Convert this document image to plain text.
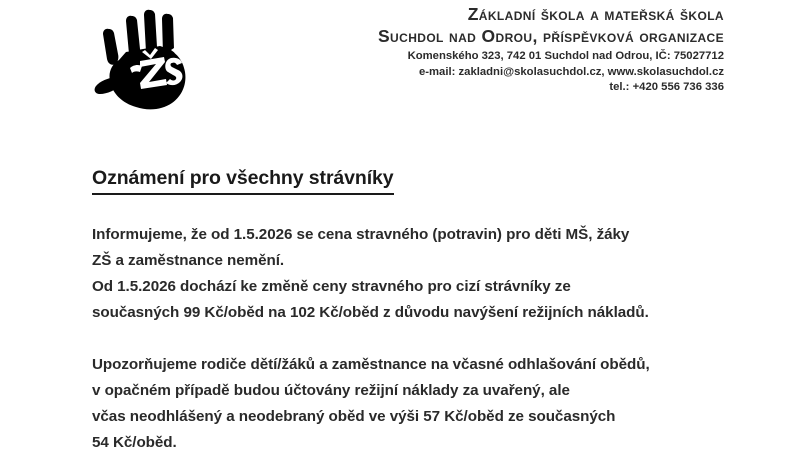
Základní škola a mateřská škola
Suchdol nad Odrou, příspěvková organizace
Komenského 323, 742 01 Suchdol nad Odrou, IČ: 75027712
e-mail: zakladni@skolasuchdol.cz, www.skolasuchdol.cz
tel.: +420 556 736 336
Oznámení pro všechny strávníky

Informujeme, že od 1.5.2026 se cena stravného (potravin) pro děti MŠ, žáky
ZŠ a zaměstnance nemění.

Od 1.5.2026 dochází ke změně ceny stravného pro cizí strávníky ze
současných 99 Kč/oběd na 102 Kč/oběd z důvodu navýšení režijních nákladů.

Upozorňujeme rodiče dětí/žáků a zaměstnance na včasné odhlašování obědů,
v opačném případě budou účtovány režijní náklady za uvařený, ale
včas neodhlášený a neodebraný oběd ve výši 57 Kč/oběd ze současných
54 Kč/oběd.
